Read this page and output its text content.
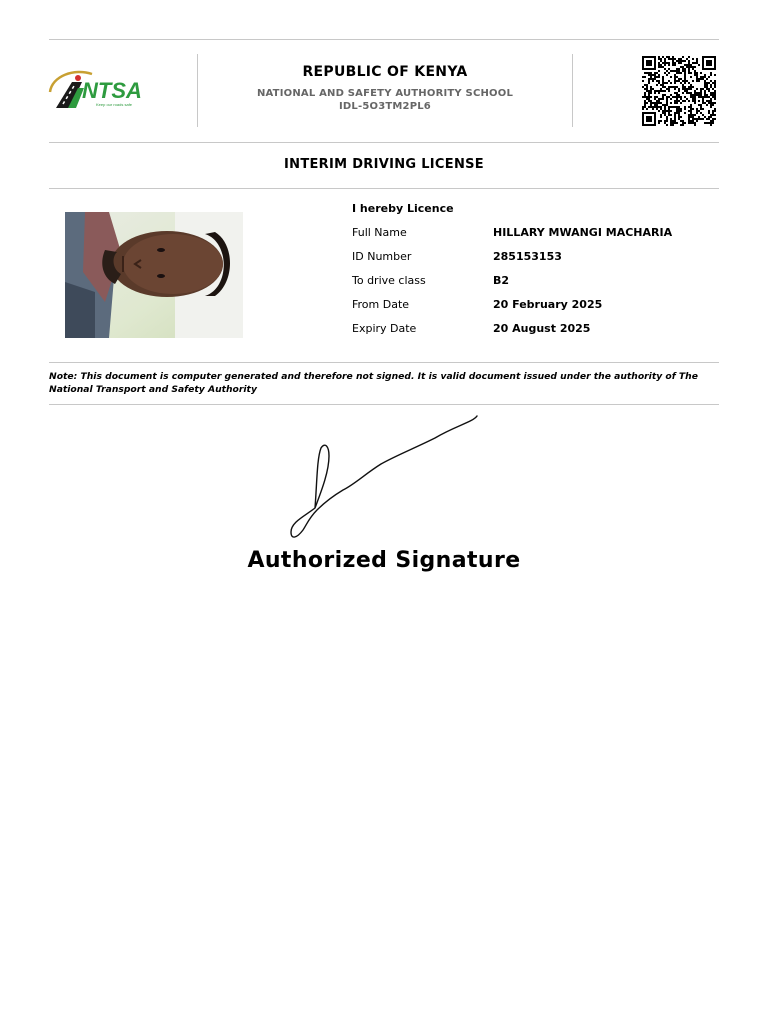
NTSA
Keep our roads safe
REPUBLIC OF KENYA
NATIONAL AND SAFETY AUTHORITY SCHOOL
IDL-5O3TM2PL6
INTERIM DRIVING LICENSE
I hereby Licence
Full Name	HILLARY MWANGI MACHARIA
ID Number	285153153
To drive class	B2
From Date	20 February 2025
Expiry Date	20 August 2025
Note: This document is computer generated and therefore not signed. It is valid document issued under the authority of The National Transport and Safety Authority
Authorized Signature
